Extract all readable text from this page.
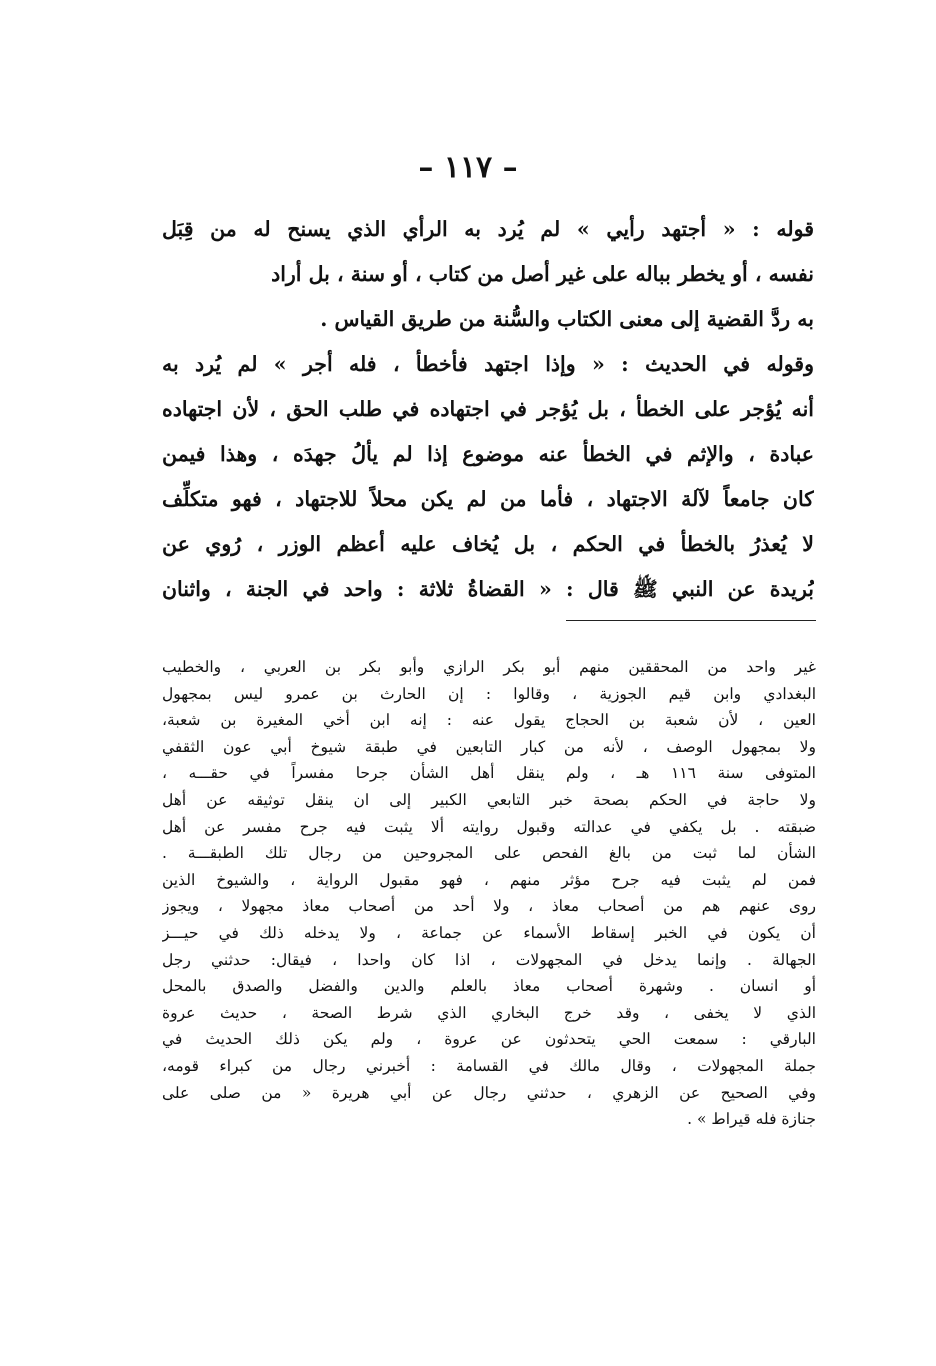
– ١١٧ –
قوله : « أجتهد رأيي » لم يُرد به الرأي الذي يسنح له من قِبَل
نفسه ، أو يخطر بباله على غير أصل من كتاب ، أو سنة ، بل أراد
به ردَّ القضية إلى معنى الكتاب والسُّنة من طريق القياس .
وقوله في الحديث : « وإذا اجتهد فأخطأ ، فله أجر » لم يُرد به
أنه يُؤجر على الخطأ ، بل يُؤجر في اجتهاده في طلب الحق ، لأن اجتهاده
عبادة ، والإثم في الخطأ عنه موضوع إذا لم يألُ جهدَه ، وهذا فيمن
كان جامعاً لآلة الاجتهاد ، فأما من لم يكن محلاً للاجتهاد ، فهو متكلِّف
لا يُعذرُ بالخطأ في الحكم ، بل يُخاف عليه أعظم الوزر ، رُوي عن
بُريدة عن النبي ﷺ قال : « القضاةُ ثلاثة : واحد في الجنة ، واثنان
غير واحد من المحققين منهم أبو بكر الرازي وأبو بكر بن العربي ، والخطيب
البغدادي وابن قيم الجوزية ، وقالوا : إن الحارث بن عمرو ليس بمجهول
العين ، لأن شعبة بن الحجاج يقول عنه : إنه ابن أخي المغيرة بن شعبة،
ولا بمجهول الوصف ، لأنه من كبار التابعين في طبقة شيوخ أبي عون الثقفي
المتوفى سنة ١١٦ هـ ، ولم ينقل أهل الشأن جرحا مفسراً في حقـــه ،
ولا حاجة في الحكم بصحة خبر التابعي الكبير إلى ان ينقل توثيقه عن أهل
ضبقته . بل يكفي في عدالته وقبول روايته ألا يثبت فيه جرح مفسر عن أهل
الشأن لما ثبت من بالغ الفحص على المجروحين من رجال تلك الطبقـــة .
فمن لم يثبت فيه جرح مؤثر منهم ، فهو مقبول الرواية ، والشيوخ الذين
روى عنهم هم من أصحاب معاذ ، ولا أحد من أصحاب معاذ مجهولا ، ويجوز
أن يكون في الخبر إسقاط الأسماء عن جماعة ، ولا يدخله ذلك في حيـــز
الجهالة . وإنما يدخل في المجهولات ، اذا كان واحدا ، فيقال: حدثني رجل
أو انسان . وشهرة أصحاب معاذ بالعلم والدين والفضل والصدق بالمحل
الذي لا يخفى ، وقد خرج البخاري الذي شرط الصحة ، حديث عروة
البارقي : سمعت الحي يتحدثون عن عروة ، ولم يكن ذلك الحديث في
جملة المجهولات ، وقال مالك في القسامة : أخبرني رجال من كبراء قومه،
وفي الصحيح عن الزهري ، حدثني رجال عن أبي هريرة « من صلى على
جنازة فله قيراط » .
